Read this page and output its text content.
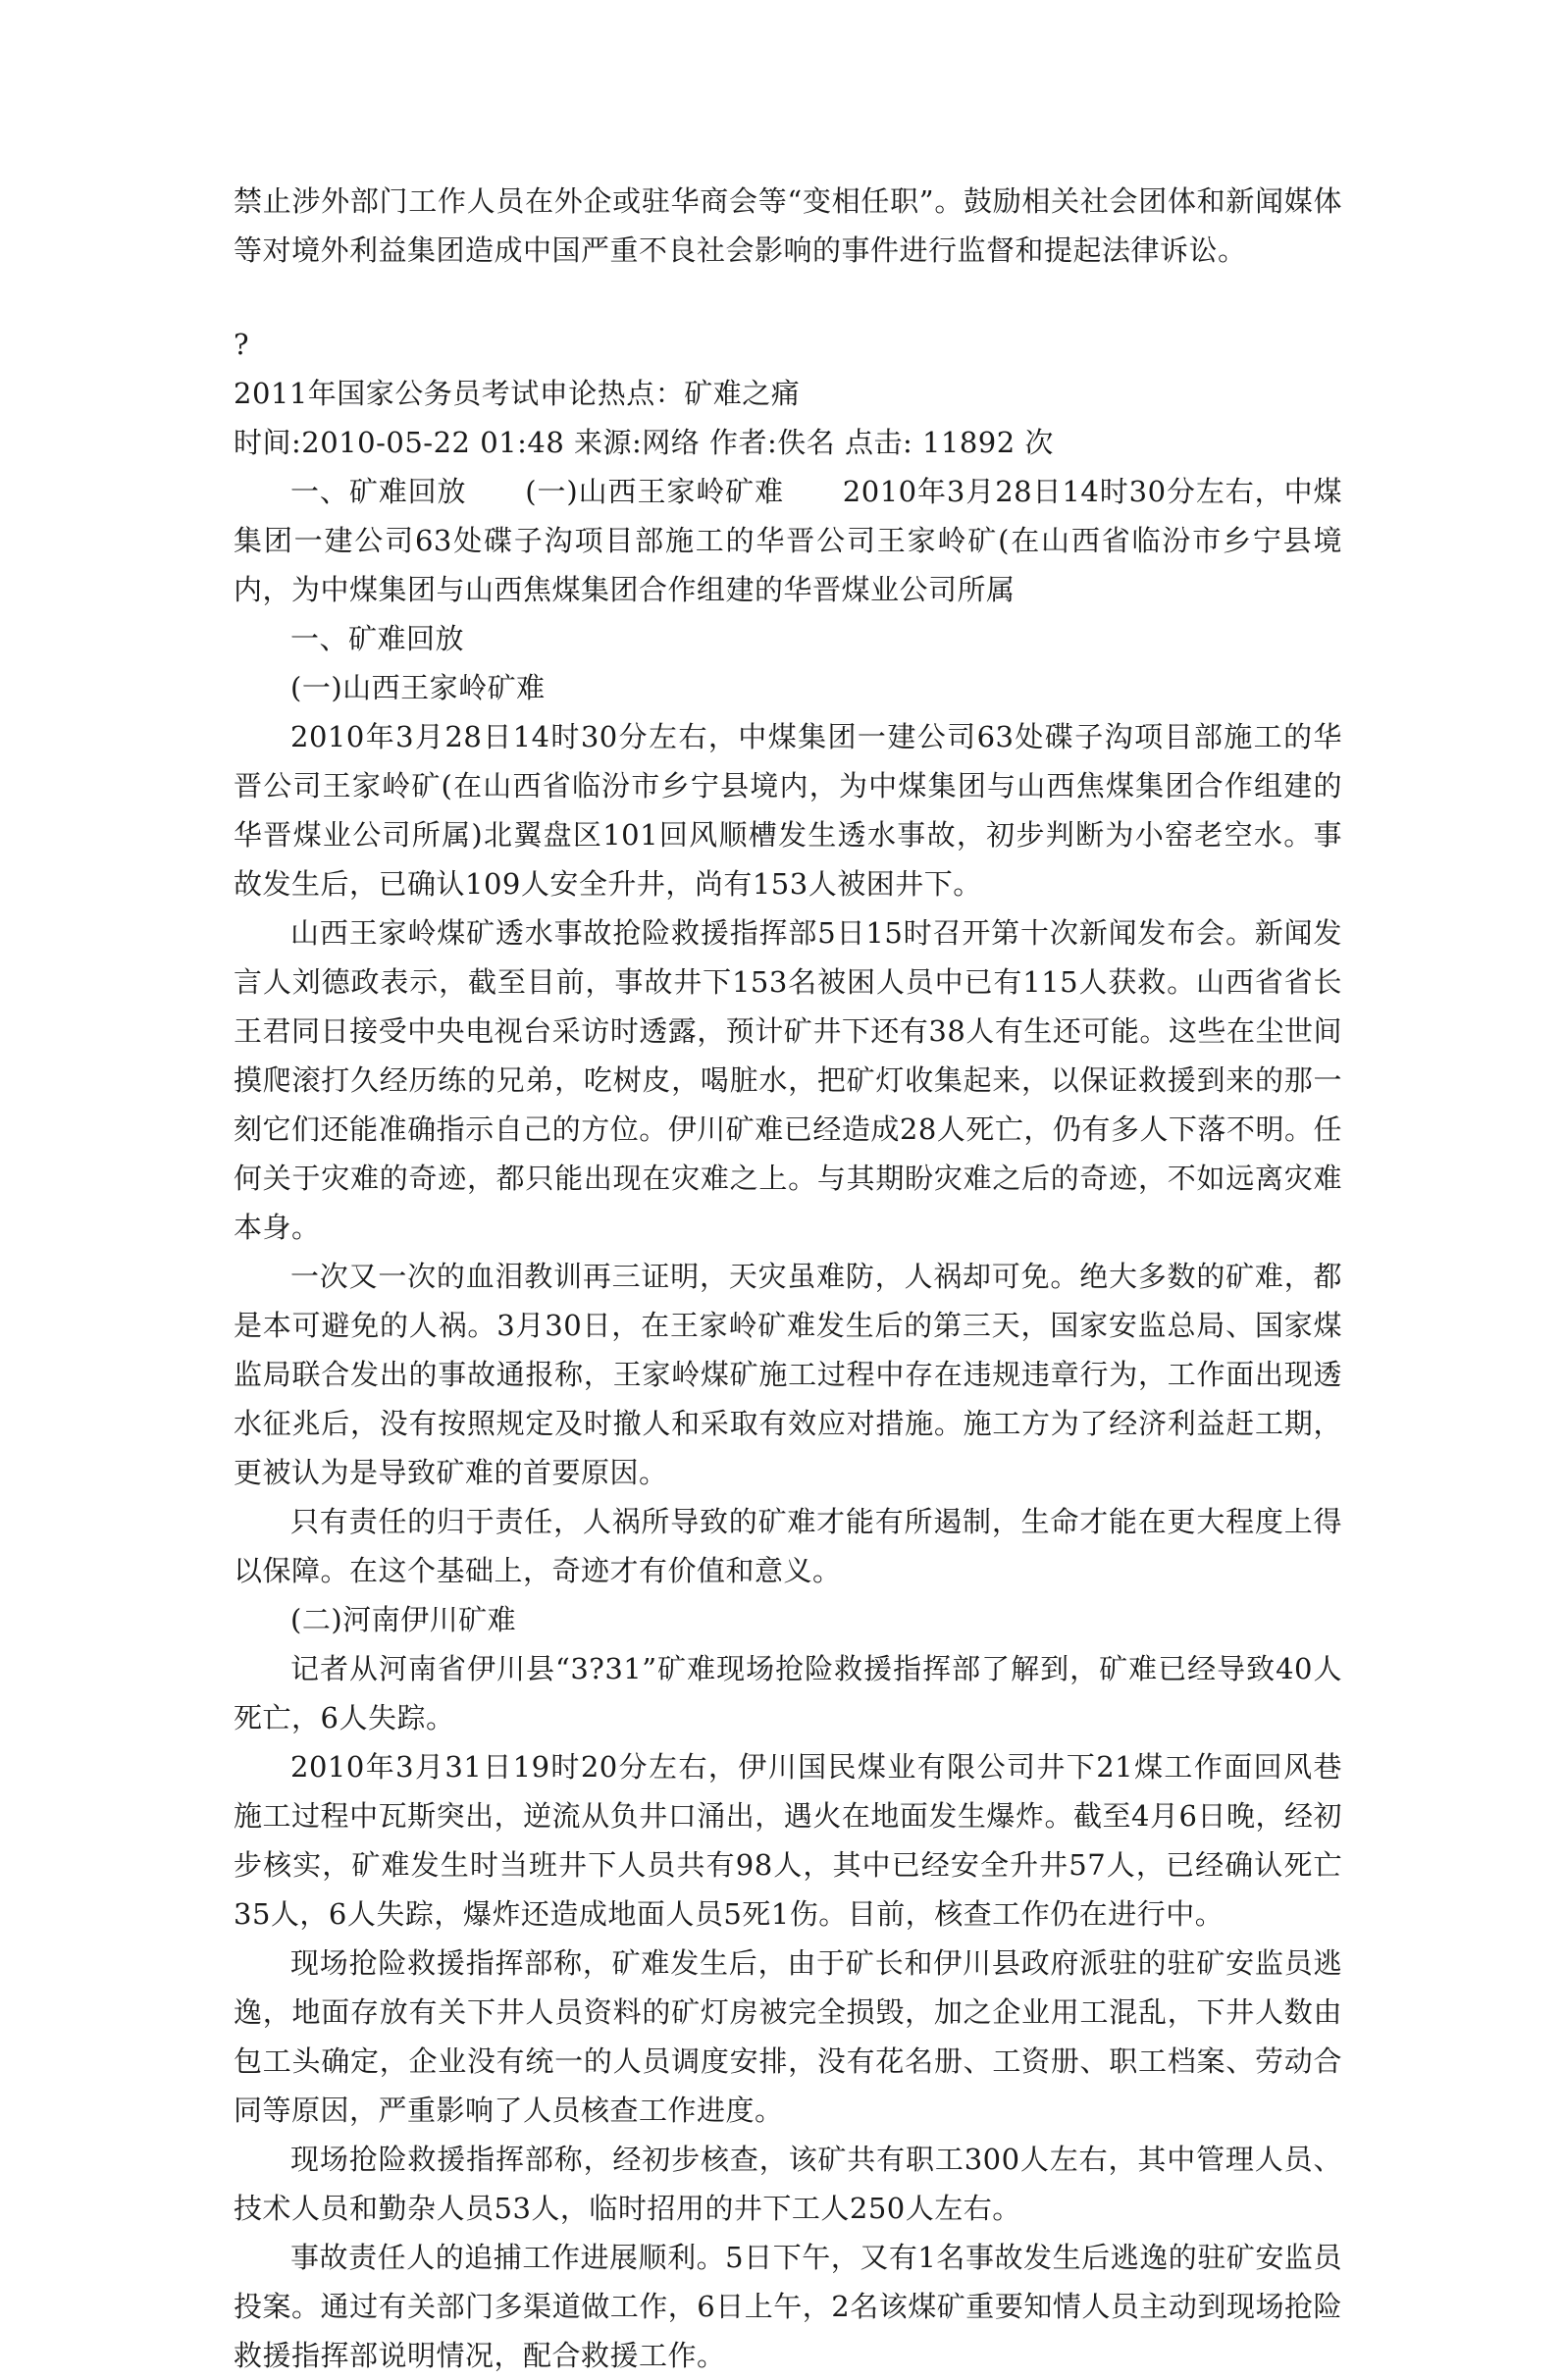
禁止涉外部门工作人员在外企或驻华商会等“变相任职”。鼓励相关社会团体和新闻媒体等对境外利益集团造成中国严重不良社会影响的事件进行监督和提起法律诉讼。

?

2011年国家公务员考试申论热点：矿难之痛

时间:2010-05-22 01:48 来源:网络 作者:佚名 点击: 11892 次

一、矿难回放　　(一)山西王家岭矿难　　2010年3月28日14时30分左右，中煤集团一建公司63处碟子沟项目部施工的华晋公司王家岭矿(在山西省临汾市乡宁县境内，为中煤集团与山西焦煤集团合作组建的华晋煤业公司所属

一、矿难回放

(一)山西王家岭矿难

2010年3月28日14时30分左右，中煤集团一建公司63处碟子沟项目部施工的华晋公司王家岭矿(在山西省临汾市乡宁县境内，为中煤集团与山西焦煤集团合作组建的华晋煤业公司所属)北翼盘区101回风顺槽发生透水事故，初步判断为小窑老空水。事故发生后，已确认109人安全升井，尚有153人被困井下。

山西王家岭煤矿透水事故抢险救援指挥部5日15时召开第十次新闻发布会。新闻发言人刘德政表示，截至目前，事故井下153名被困人员中已有115人获救。山西省省长王君同日接受中央电视台采访时透露，预计矿井下还有38人有生还可能。这些在尘世间摸爬滚打久经历练的兄弟，吃树皮，喝脏水，把矿灯收集起来，以保证救援到来的那一刻它们还能准确指示自己的方位。伊川矿难已经造成28人死亡，仍有多人下落不明。任何关于灾难的奇迹，都只能出现在灾难之上。与其期盼灾难之后的奇迹，不如远离灾难本身。

一次又一次的血泪教训再三证明，天灾虽难防，人祸却可免。绝大多数的矿难，都是本可避免的人祸。3月30日，在王家岭矿难发生后的第三天，国家安监总局、国家煤监局联合发出的事故通报称，王家岭煤矿施工过程中存在违规违章行为，工作面出现透水征兆后，没有按照规定及时撤人和采取有效应对措施。施工方为了经济利益赶工期，更被认为是导致矿难的首要原因。

只有责任的归于责任，人祸所导致的矿难才能有所遏制，生命才能在更大程度上得以保障。在这个基础上，奇迹才有价值和意义。

(二)河南伊川矿难

记者从河南省伊川县“3?31”矿难现场抢险救援指挥部了解到，矿难已经导致40人死亡，6人失踪。

2010年3月31日19时20分左右，伊川国民煤业有限公司井下21煤工作面回风巷施工过程中瓦斯突出，逆流从负井口涌出，遇火在地面发生爆炸。截至4月6日晚，经初步核实，矿难发生时当班井下人员共有98人，其中已经安全升井57人，已经确认死亡35人，6人失踪，爆炸还造成地面人员5死1伤。目前，核查工作仍在进行中。

现场抢险救援指挥部称，矿难发生后，由于矿长和伊川县政府派驻的驻矿安监员逃逸，地面存放有关下井人员资料的矿灯房被完全损毁，加之企业用工混乱，下井人数由包工头确定，企业没有统一的人员调度安排，没有花名册、工资册、职工档案、劳动合同等原因，严重影响了人员核查工作进度。

现场抢险救援指挥部称，经初步核查，该矿共有职工300人左右，其中管理人员、技术人员和勤杂人员53人，临时招用的井下工人250人左右。

事故责任人的追捕工作进展顺利。5日下午，又有1名事故发生后逃逸的驻矿安监员投案。通过有关部门多渠道做工作，6日上午，2名该煤矿重要知情人员主动到现场抢险救援指挥部说明情况，配合救援工作。
